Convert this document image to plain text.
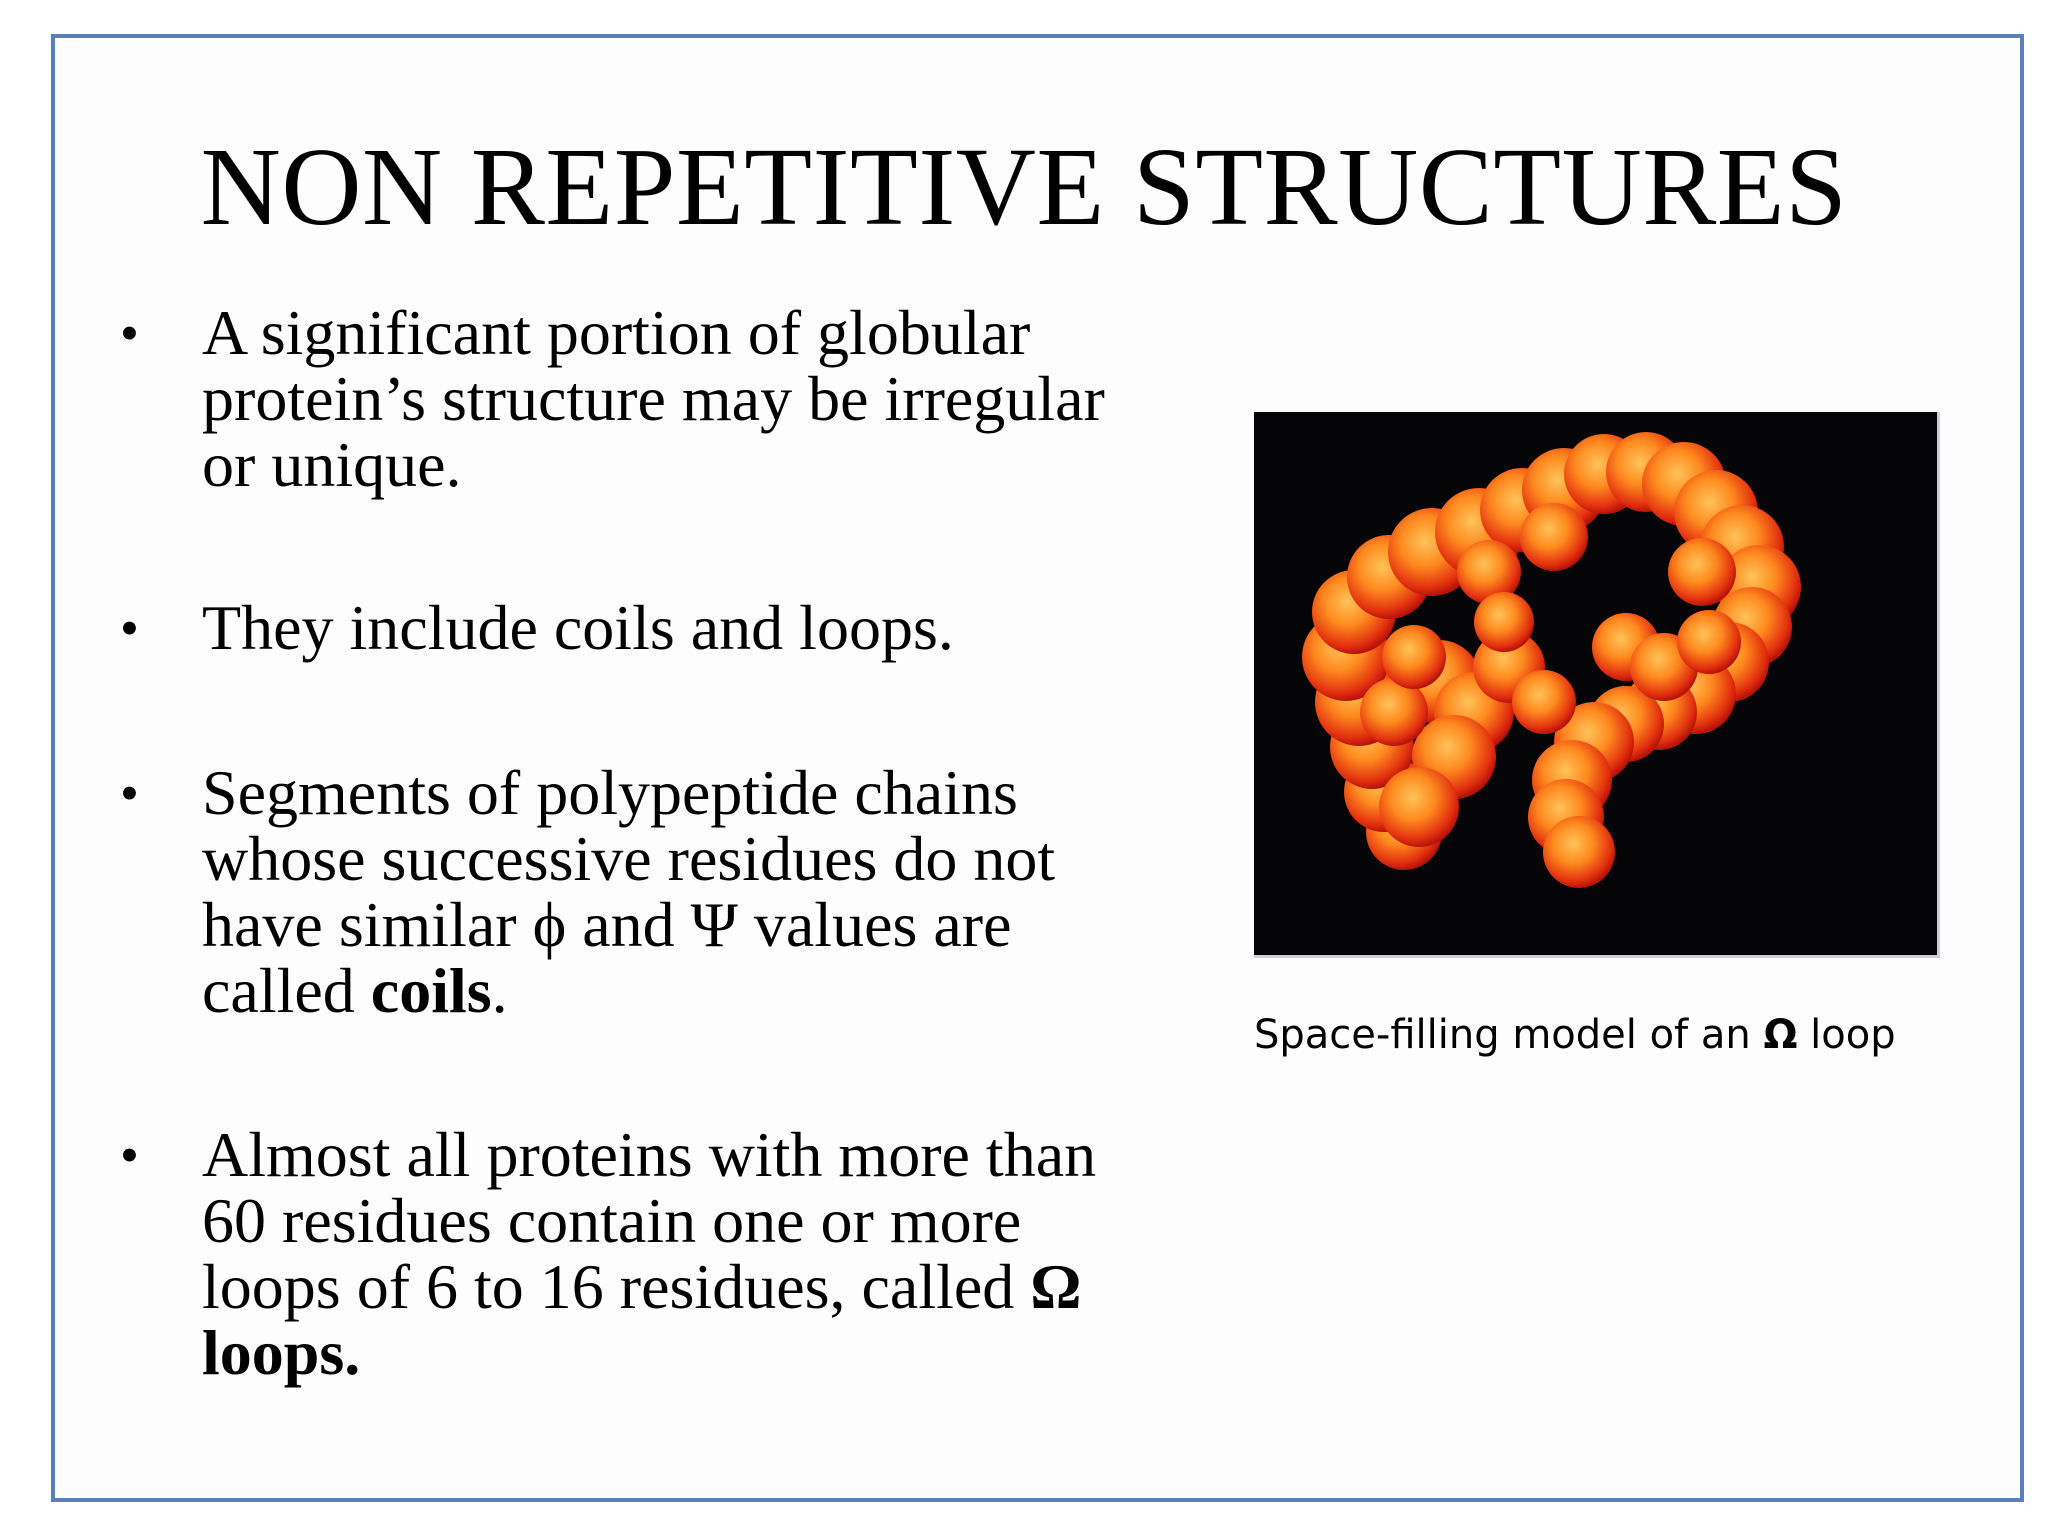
NON REPETITIVE STRUCTURES
• A significant portion of globular
protein’s structure may be irregular
or unique.
• They include coils and loops.
• Segments of polypeptide chains
whose successive residues do not
have similar ϕ and Ψ values are
called coils.
• Almost all proteins with more than
60 residues contain one or more
loops of 6 to 16 residues, called Ω
loops.
Space-filling model of an Ω loop
